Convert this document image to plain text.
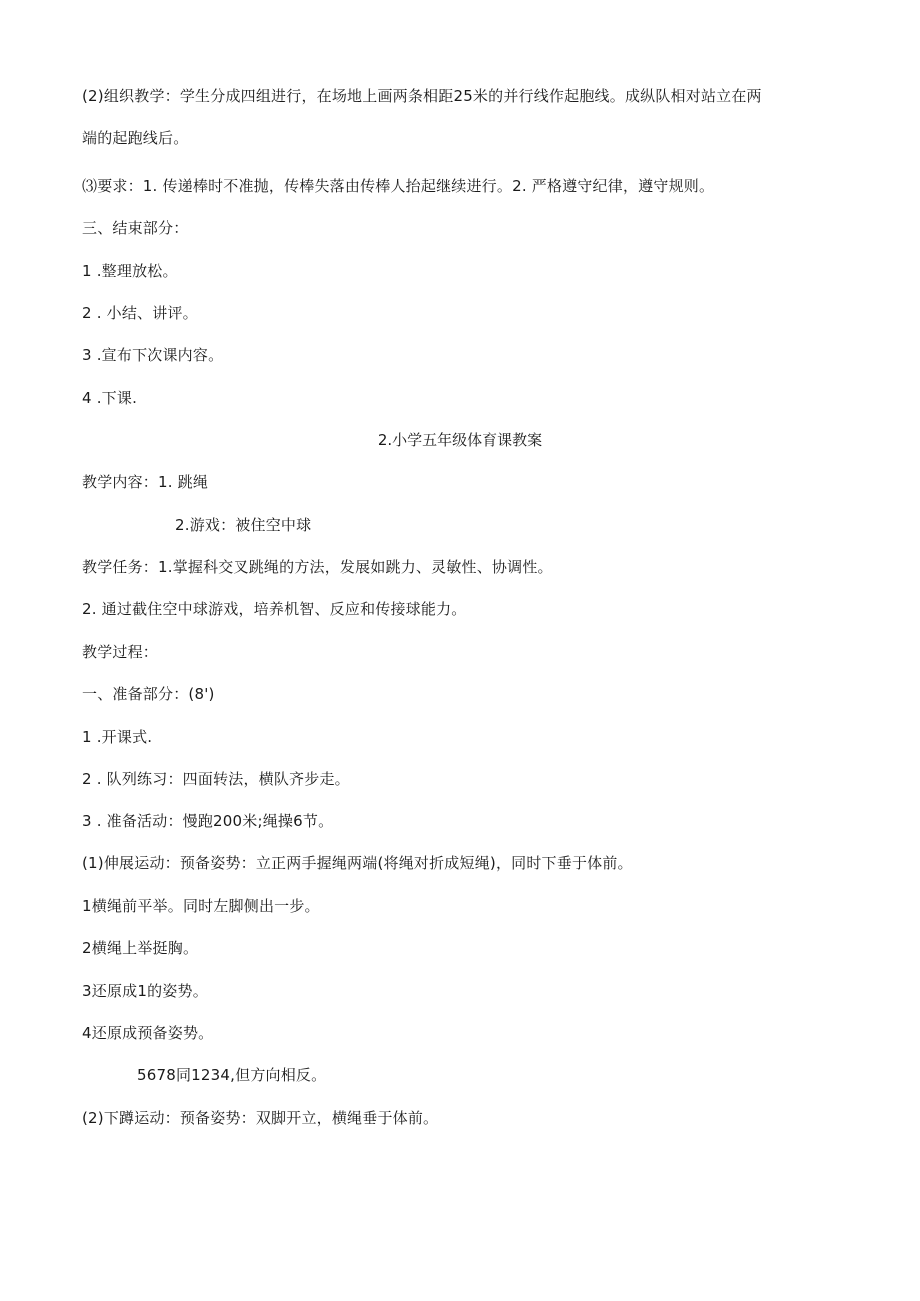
(2)组织教学：学生分成四组进行，在场地上画两条相距25米的并行线作起胞线。成纵队相对站立在两
端的起跑线后。
⑶要求：1. 传递棒时不准抛，传棒失落由传棒人抬起继续进行。2. 严格遵守纪律，遵守规则。
三、结束部分：
1 .整理放松。
2 . 小结、讲评。
3 .宣布下次课内容。
4 .下课.
2.小学五年级体育课教案
教学内容：1. 跳绳
2.游戏：被住空中球
教学任务：1.掌握科交叉跳绳的方法，发展如跳力、灵敏性、协调性。
2. 通过截住空中球游戏，培养机智、反应和传接球能力。
教学过程：
一、准备部分：(8')
1 .开课式.
2 . 队列练习：四面转法，横队齐步走。
3 . 准备活动：慢跑200米;绳操6节。
(1)伸展运动：预备姿势：立正两手握绳两端(将绳对折成短绳)，同时下垂于体前。
1横绳前平举。同时左脚侧出一步。
2横绳上举挺胸。
3还原成1的姿势。
4还原成预备姿势。
5678同1234,但方向相反。
(2)下蹲运动：预备姿势：双脚开立，横绳垂于体前。
